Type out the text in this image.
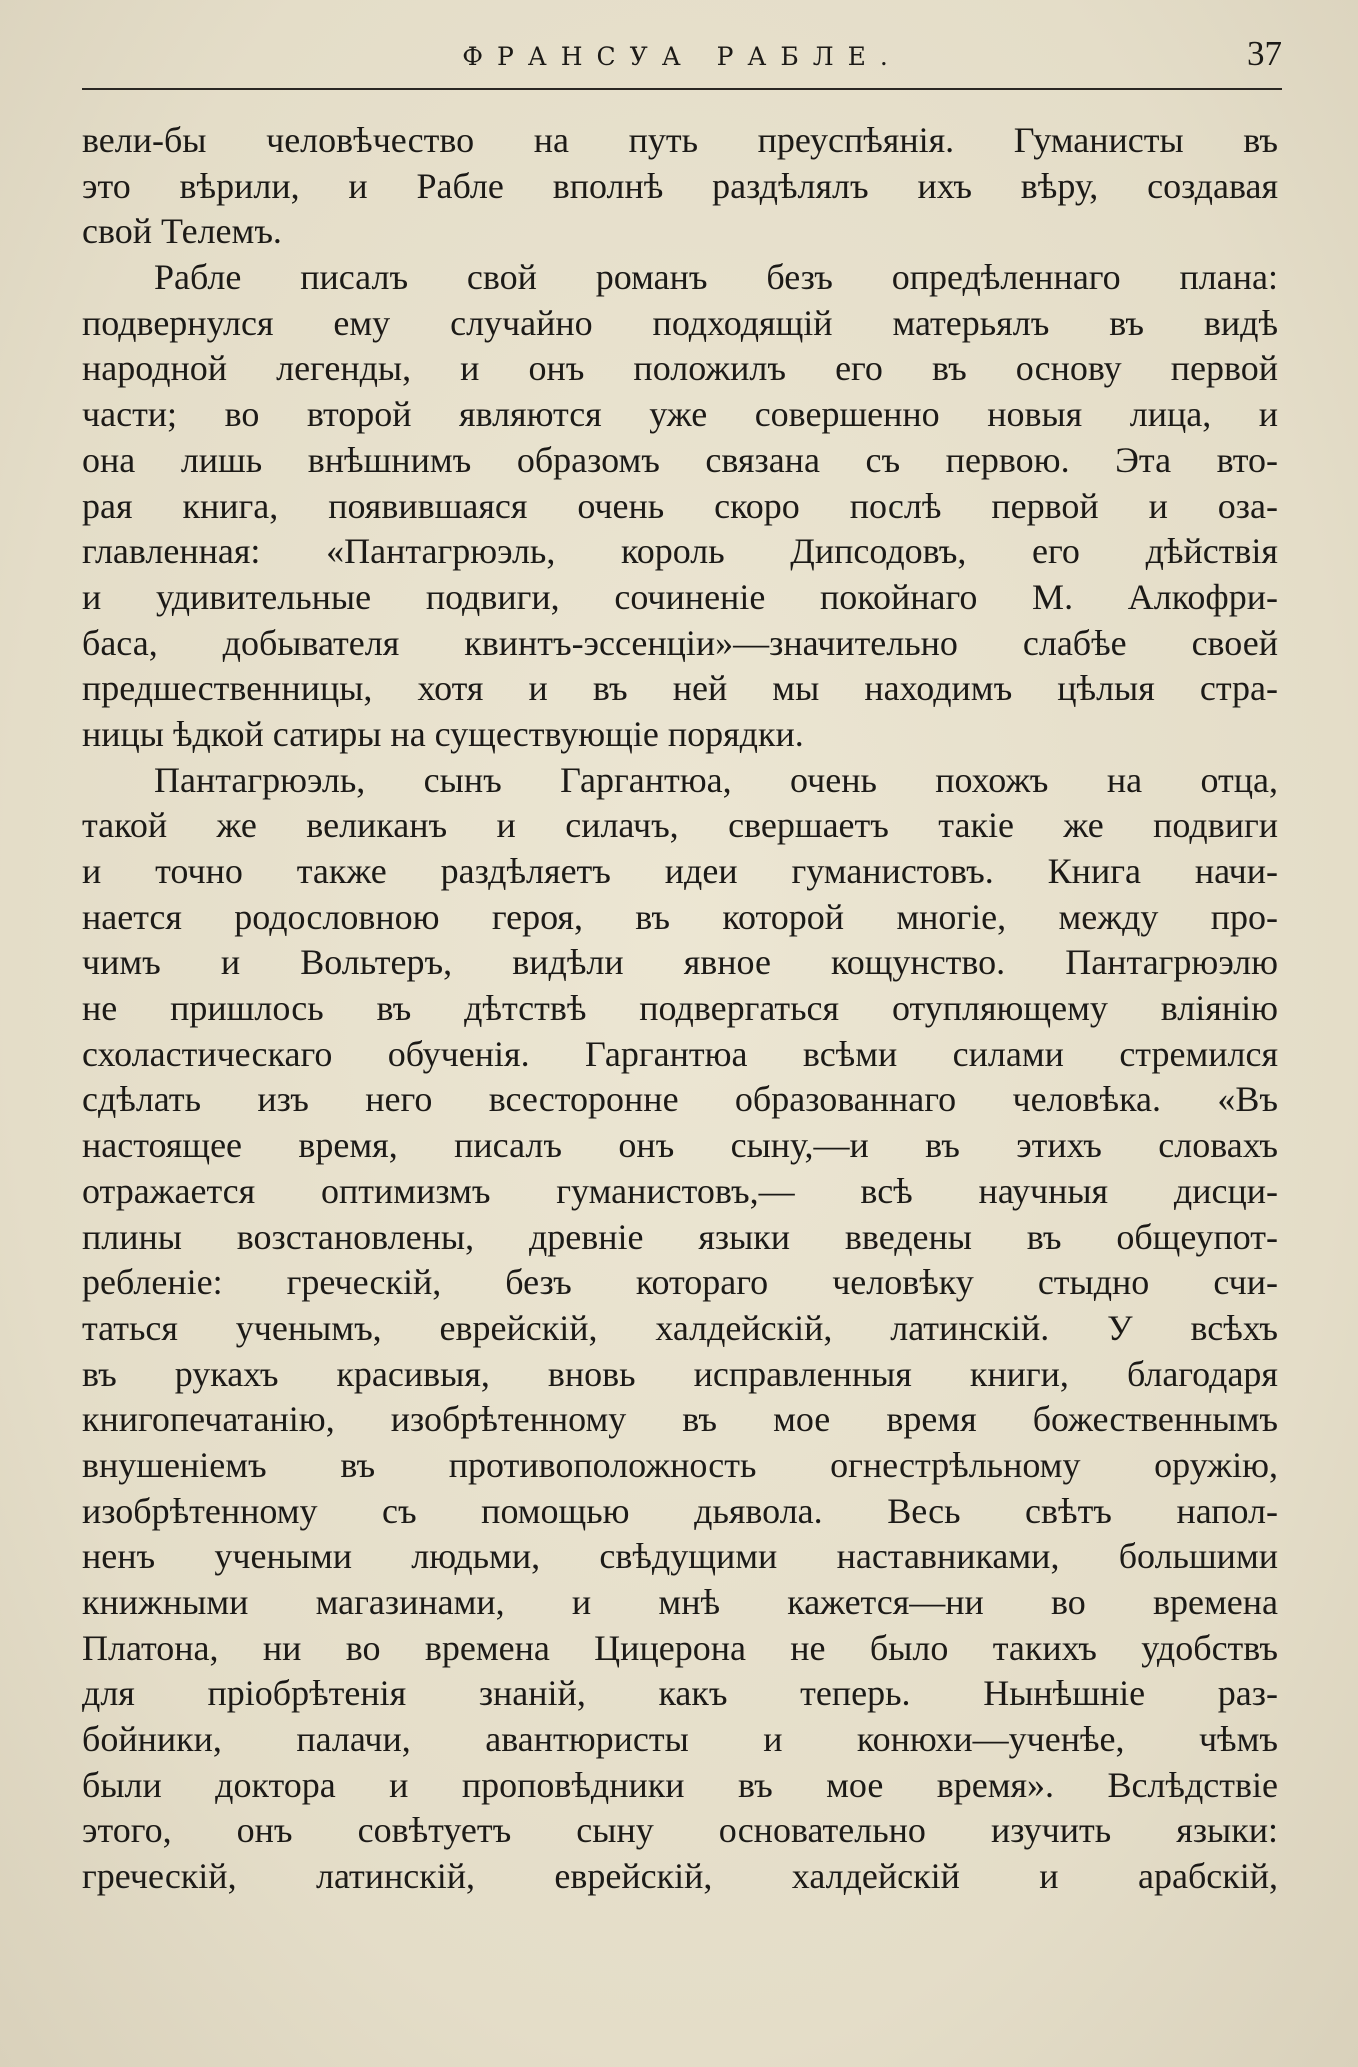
ФРАНСУА РАБЛЕ.	37
вели-бы человѣчество на путь преуспѣянія. Гуманисты въ
это вѣрили, и Рабле вполнѣ раздѣлялъ ихъ вѣру, создавая
свой Телемъ.
Рабле писалъ свой романъ безъ опредѣленнаго плана:
подвернулся ему случайно подходящій матерьялъ въ видѣ
народной легенды, и онъ положилъ его въ основу первой
части; во второй являются уже совершенно новыя лица, и
она лишь внѣшнимъ образомъ связана съ первою. Эта вто-
рая книга, появившаяся очень скоро послѣ первой и оза-
главленная: «Пантагрюэль, король Дипсодовъ, его дѣйствія
и удивительные подвиги, сочиненіе покойнаго М. Алкофри-
баса, добывателя квинтъ-эссенціи»—значительно слабѣе своей
предшественницы, хотя и въ ней мы находимъ цѣлыя стра-
ницы ѣдкой сатиры на существующіе порядки.
Пантагрюэль, сынъ Гаргантюа, очень похожъ на отца,
такой же великанъ и силачъ, свершаетъ такіе же подвиги
и точно также раздѣляетъ идеи гуманистовъ. Книга начи-
нается родословною героя, въ которой многіе, между про-
чимъ и Вольтеръ, видѣли явное кощунство. Пантагрюэлю
не пришлось въ дѣтствѣ подвергаться отупляющему вліянію
схоластическаго обученія. Гаргантюа всѣми силами стремился
сдѣлать изъ него всесторонне образованнаго человѣка. «Въ
настоящее время, писалъ онъ сыну,—и въ этихъ словахъ
отражается оптимизмъ гуманистовъ,— всѣ научныя дисци-
плины возстановлены, древніе языки введены въ общеупот-
ребленіе: греческій, безъ котораго человѣку стыдно счи-
таться ученымъ, еврейскій, халдейскій, латинскій. У всѣхъ
въ рукахъ красивыя, вновь исправленныя книги, благодаря
книгопечатанію, изобрѣтенному въ мое время божественнымъ
внушеніемъ въ противоположность огнестрѣльному оружію,
изобрѣтенному съ помощью дьявола. Весь свѣтъ напол-
ненъ учеными людьми, свѣдущими наставниками, большими
книжными магазинами, и мнѣ кажется—ни во времена
Платона, ни во времена Цицерона не было такихъ удобствъ
для пріобрѣтенія знаній, какъ теперь. Нынѣшніе раз-
бойники, палачи, авантюристы и конюхи—ученѣе, чѣмъ
были доктора и проповѣдники въ мое время». Вслѣдствіе
этого, онъ совѣтуетъ сыну основательно изучить языки:
греческій, латинскій, еврейскій, халдейскій и арабскій,
